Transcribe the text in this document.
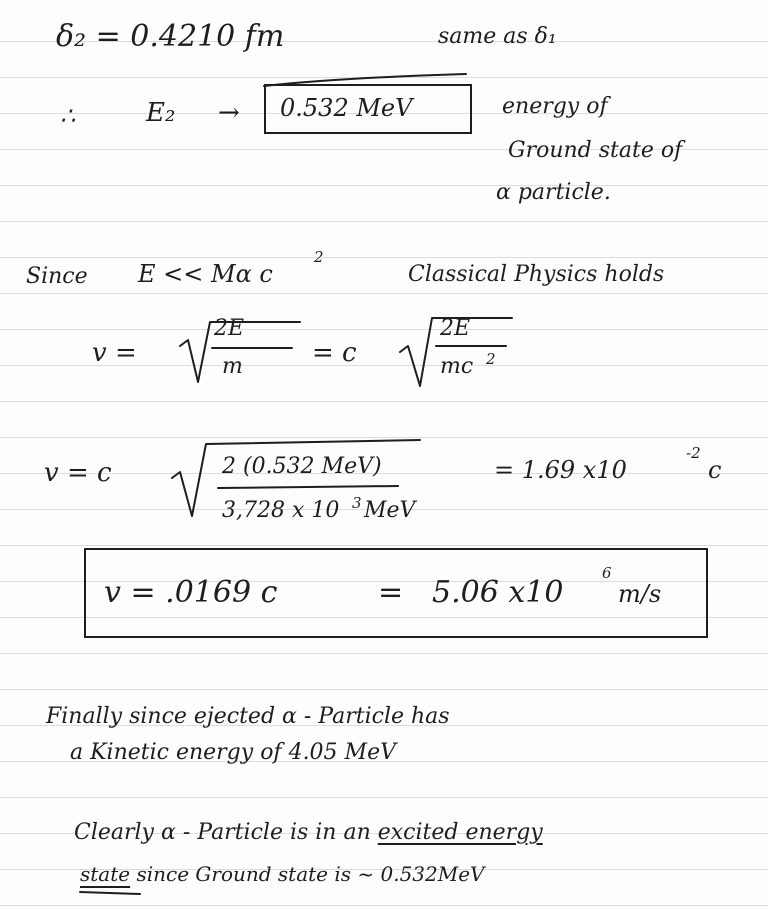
δ₂ = 0.4210 fm	same as δ₁
∴	E₂ → 0.532 MeV	energy of
Ground state of
α particle.
Since E << Mα c
2
Classical Physics holds
v =
2E
m	= c
2E
mc 2
v = c	2 (0.532 MeV)
3,728 x 10 3 MeV
= 1.69 x10
-2
c
v = .0169 c	= 5.06 x10
6
m/s
Finally since ejected α - Particle has
a Kinetic energy of 4.05 MeV
Clearly α - Particle is in an excited energy
state since Ground state is ~ 0.532MeV
